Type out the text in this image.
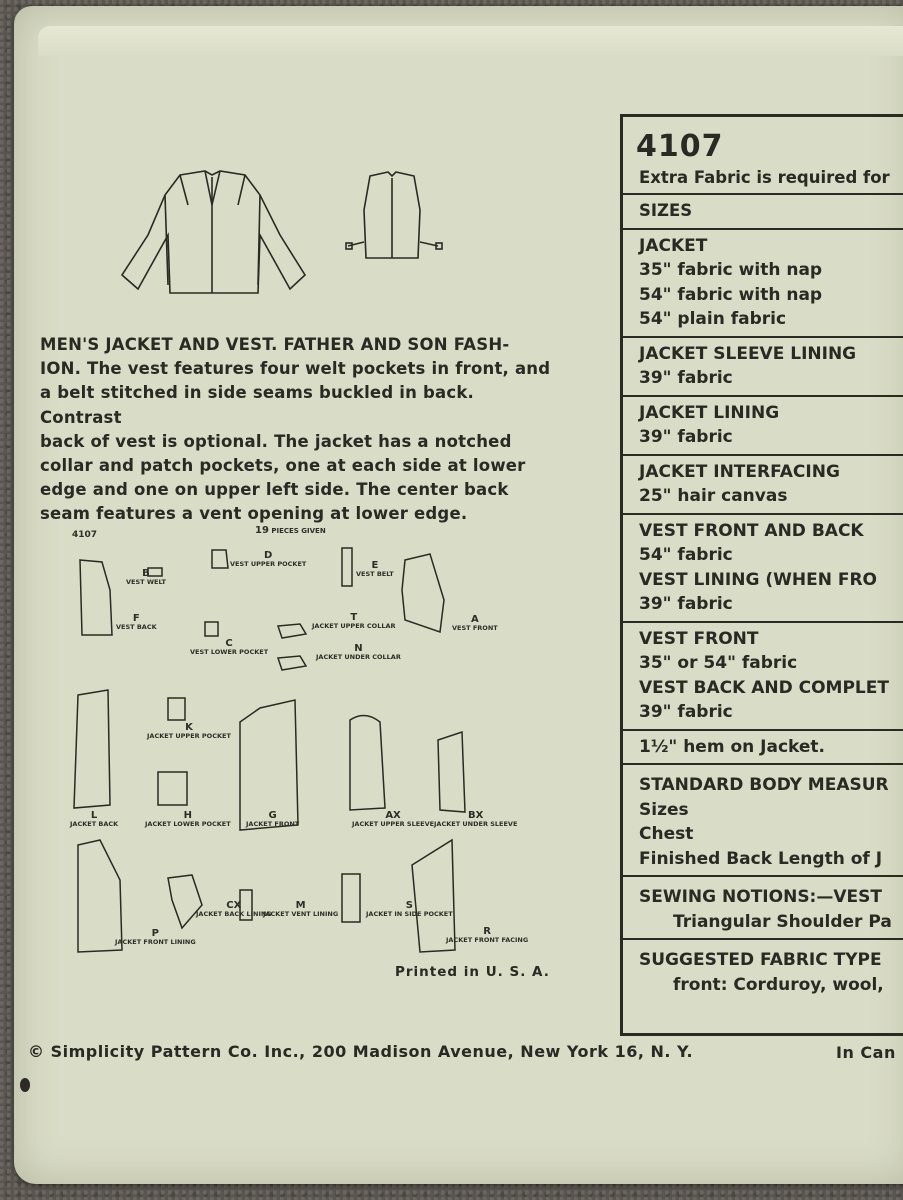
MEN'S JACKET AND VEST. FATHER AND SON FASH-
ION. The vest features four welt pockets in front, and
a belt stitched in side seams buckled in back. Contrast
back of vest is optional. The jacket has a notched
collar and patch pockets, one at each side at lower
edge and one on upper left side. The center back
seam features a vent opening at lower edge.
4107	19 PIECES GIVEN
B
VEST WELT
D
VEST UPPER POCKET	E
VEST BELT
F
VEST BACK
C
VEST LOWER POCKET
T
JACKET UPPER COLLAR
N
JACKET UNDER COLLAR
A
VEST FRONT
K
JACKET UPPER POCKET
L
JACKET BACK
H
JACKET LOWER POCKET
G
JACKET FRONT
AX
JACKET UPPER SLEEVE
BX
JACKET UNDER SLEEVE
P
JACKET FRONT LINING
CX
JACKET BACK LINING
M
JACKET VENT LINING
S
JACKET IN SIDE POCKET
R
JACKET FRONT FACING
Printed in U. S. A.
4107
Extra Fabric is required for
SIZES
JACKET
35" fabric with nap
54" fabric with nap
54" plain fabric
JACKET SLEEVE LINING
39" fabric
JACKET LINING
39" fabric
JACKET INTERFACING
25" hair canvas
VEST FRONT AND BACK
54" fabric
VEST LINING (WHEN FRO
39" fabric
VEST FRONT
35" or 54" fabric
VEST BACK AND COMPLET
39" fabric
1½" hem on Jacket.
STANDARD BODY MEASUR
Sizes
Chest
Finished Back Length of J
SEWING NOTIONS:—VEST
Triangular Shoulder Pa
SUGGESTED FABRIC TYPE
front: Corduroy, wool,
© Simplicity Pattern Co. Inc., 200 Madison Avenue, New York 16, N. Y.	In Can
